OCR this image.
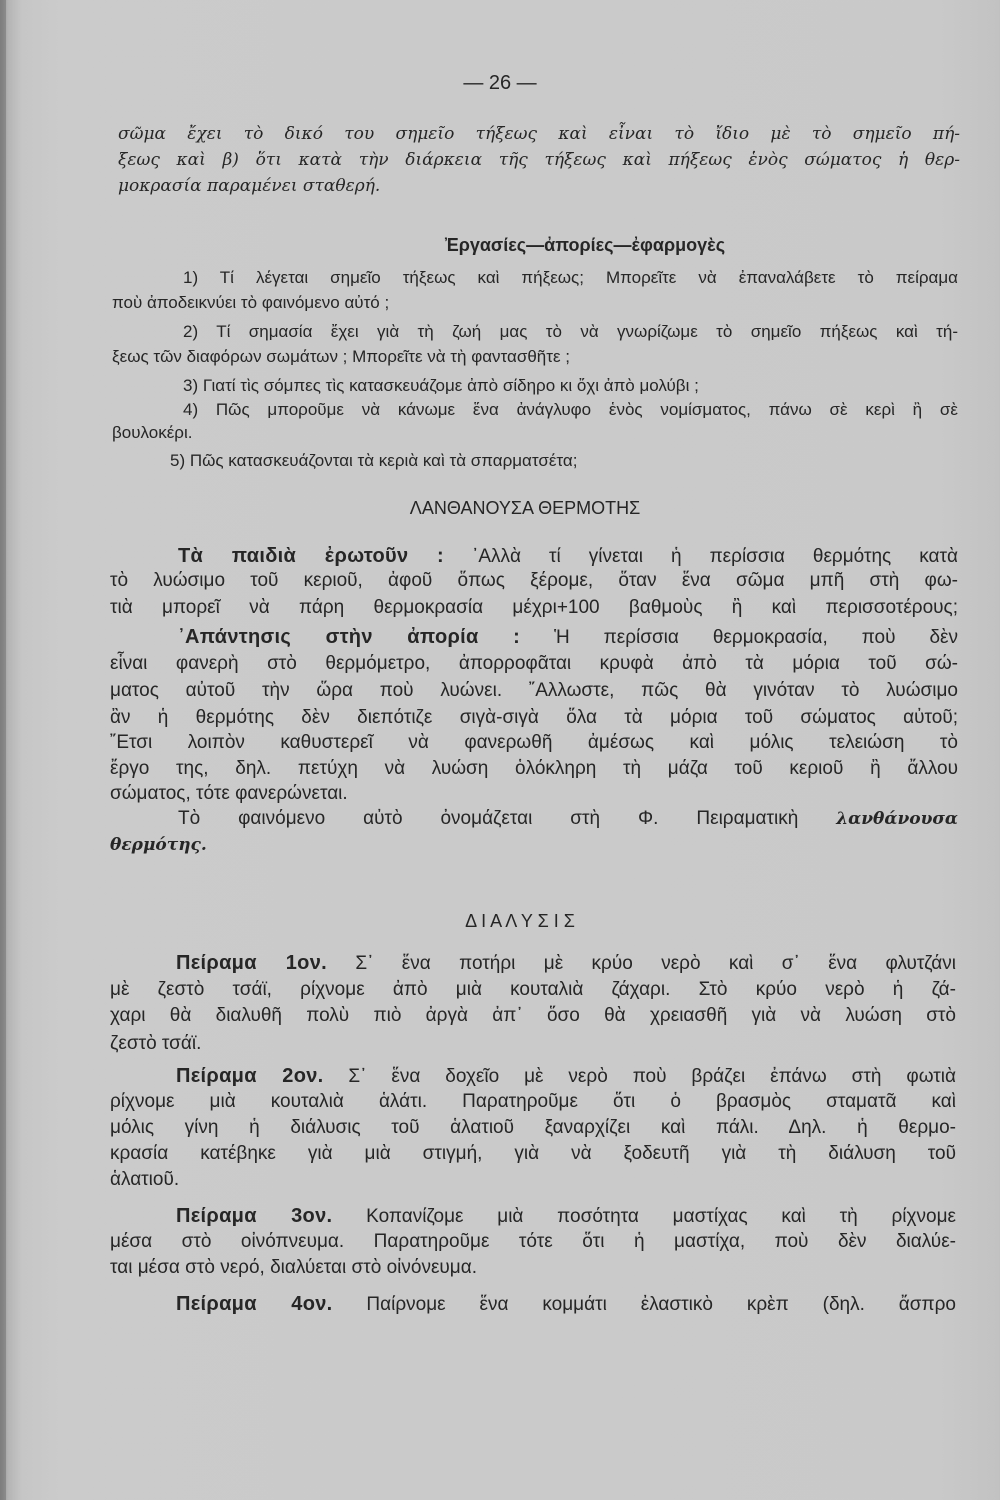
— 26 —
σῶμα ἔχει τὸ δικό του σημεῖο τήξεως καὶ εἶναι τὸ ἴδιο μὲ τὸ σημεῖο πή-
ξεως καὶ β) ὅτι κατὰ τὴν διάρκεια τῆς τήξεως καὶ πήξεως ἑνὸς σώματος ἡ θερ-
μοκρασία παραμένει σταθερή.
Ἐργασίες—ἀπορίες—ἐφαρμογὲς
1) Τί λέγεται σημεῖο τήξεως καὶ πήξεως; Μπορεῖτε νὰ ἐπαναλάβετε τὸ πείραμα
ποὺ ἀποδεικνύει τὸ φαινόμενο αὐτό ;
2) Τί σημασία ἔχει γιὰ τὴ ζωή μας τὸ νὰ γνωρίζωμε τὸ σημεῖο πήξεως καὶ τή-
ξεως τῶν διαφόρων σωμάτων ; Μπορεῖτε νὰ τὴ φαντασθῆτε ;
3) Γιατί τὶς σόμπες τὶς κατασκευάζομε ἀπὸ σίδηρο κι ὄχι ἀπὸ μολύβι ;
4) Πῶς μποροῦμε νὰ κάνωμε ἕνα ἀνάγλυφο ἑνὸς νομίσματος, πάνω σὲ κερὶ ἢ σὲ
βουλοκέρι.
5) Πῶς κατασκευάζονται τὰ κεριὰ καὶ τὰ σπαρματσέτα;
ΛΑΝΘΑΝΟΥΣΑ ΘΕΡΜΟΤΗΣ
Τὰ παιδιὰ ἐρωτοῦν : ᾽Αλλὰ τί γίνεται ἡ περίσσια θερμότης κατὰ
τὸ λυώσιμο τοῦ κεριοῦ, ἀφοῦ ὅπως ξέρομε, ὅταν ἕνα σῶμα μπῆ στὴ φω-
τιὰ μπορεῖ νὰ πάρη θερμοκρασία μέχρι+100 βαθμοὺς ἢ καὶ περισσοτέρους;
᾽Απάντησις στὴν ἀπορία : Ἡ περίσσια θερμοκρασία, ποὺ δὲν
εἶναι φανερὴ στὸ θερμόμετρο, ἀπορροφᾶται κρυφὰ ἀπὸ τὰ μόρια τοῦ σώ-
ματος αὐτοῦ τὴν ὥρα ποὺ λυώνει. ῎Αλλωστε, πῶς θὰ γινόταν τὸ λυώσιμο
ἂν ἡ θερμότης δὲν διεπότιζε σιγὰ-σιγὰ ὅλα τὰ μόρια τοῦ σώματος αὐτοῦ;
῎Ετσι λοιπὸν καθυστερεῖ νὰ φανερωθῆ ἀμέσως καὶ μόλις τελειώση τὸ
ἔργο της, δηλ. πετύχη νὰ λυώση ὁλόκληρη τὴ μάζα τοῦ κεριοῦ ἢ ἄλλου
σώματος, τότε φανερώνεται.
Τὸ φαινόμενο αὐτὸ ὀνομάζεται στὴ Φ. Πειραματικὴ λανθάνουσα
θερμότης.
Δ Ι Α Λ Υ Σ Ι Σ
Πείραμα 1ον. Σ᾽ ἕνα ποτήρι μὲ κρύο νερὸ καὶ σ᾽ ἕνα φλυτζάνι
μὲ ζεστὸ τσάϊ, ρίχνομε ἀπὸ μιὰ κουταλιὰ ζάχαρι. Στὸ κρύο νερὸ ἡ ζά-
χαρι θὰ διαλυθῆ πολὺ πιὸ ἀργὰ ἀπ᾽ ὅσο θὰ χρειασθῆ γιὰ νὰ λυώση στὸ
ζεστὸ τσάϊ.
Πείραμα 2ον. Σ᾽ ἕνα δοχεῖο μὲ νερὸ ποὺ βράζει ἐπάνω στὴ φωτιὰ
ρίχνομε μιὰ κουταλιὰ ἁλάτι. Παρατηροῦμε ὅτι ὁ βρασμὸς σταματᾶ καὶ
μόλις γίνη ἡ διάλυσις τοῦ ἁλατιοῦ ξαναρχίζει καὶ πάλι. Δηλ. ἡ θερμο-
κρασία κατέβηκε γιὰ μιὰ στιγμή, γιὰ νὰ ξοδευτῆ γιὰ τὴ διάλυση τοῦ
ἁλατιοῦ.
Πείραμα 3ον. Κοπανίζομε μιὰ ποσότητα μαστίχας καὶ τὴ ρίχνομε
μέσα στὸ οἰνόπνευμα. Παρατηροῦμε τότε ὅτι ἡ μαστίχα, ποὺ δὲν διαλύε-
ται μέσα στὸ νερό, διαλύεται στὸ οἰνόνευμα.
Πείραμα 4ον. Παίρνομε ἕνα κομμάτι ἐλαστικὸ κρὲπ (δηλ. ἄσπρο
